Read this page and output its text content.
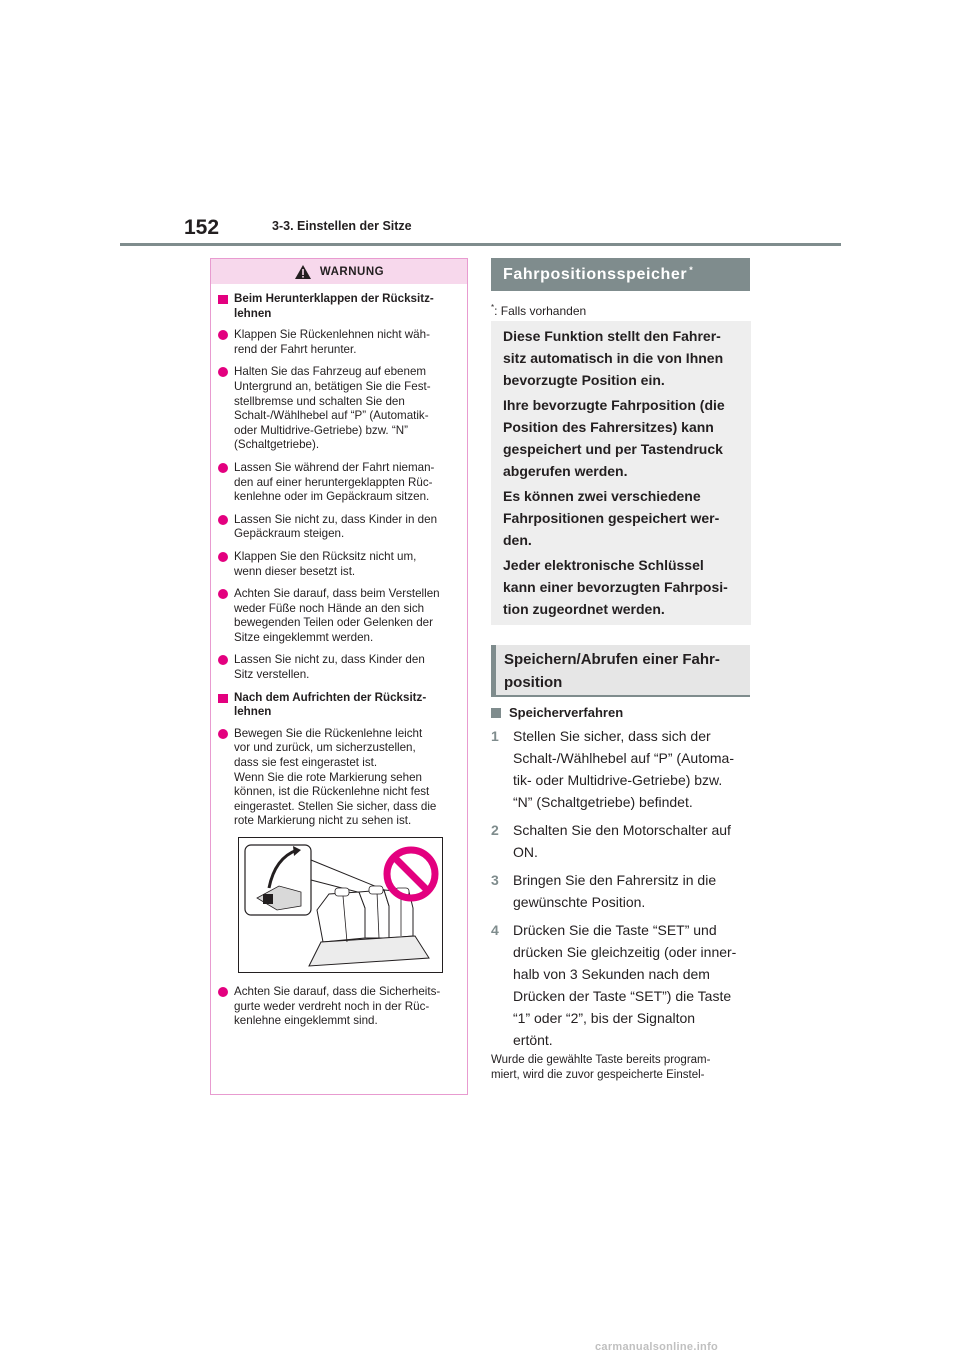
152	3-3. Einstellen der Sitze
WARNUNG
Beim Herunterklappen der Rücksitz-lehnen
Klappen Sie Rückenlehnen nicht wäh-
rend der Fahrt herunter.
Halten Sie das Fahrzeug auf ebenem
Untergrund an, betätigen Sie die Fest-
stellbremse und schalten Sie den
Schalt-/Wählhebel auf “P” (Automatik-
oder Multidrive-Getriebe) bzw. “N”
(Schaltgetriebe).
Lassen Sie während der Fahrt nieman-
den auf einer heruntergeklappten Rüc-
kenlehne oder im Gepäckraum sitzen.
Lassen Sie nicht zu, dass Kinder in den
Gepäckraum steigen.
Klappen Sie den Rücksitz nicht um,
wenn dieser besetzt ist.
Achten Sie darauf, dass beim Verstellen
weder Füße noch Hände an den sich
bewegenden Teilen oder Gelenken der
Sitze eingeklemmt werden.
Lassen Sie nicht zu, dass Kinder den
Sitz verstellen.
Nach dem Aufrichten der Rücksitz-lehnen
Bewegen Sie die Rückenlehne leicht
vor und zurück, um sicherzustellen,
dass sie fest eingerastet ist.
Wenn Sie die rote Markierung sehen
können, ist die Rückenlehne nicht fest
eingerastet. Stellen Sie sicher, dass die
rote Markierung nicht zu sehen ist.
Achten Sie darauf, dass die Sicherheits-
gurte weder verdreht noch in der Rüc-
kenlehne eingeklemmt sind.
Fahrpositionsspeicher*
*: Falls vorhanden

Diese Funktion stellt den Fahrer-
sitz automatisch in die von Ihnen
bevorzugte Position ein.

Ihre bevorzugte Fahrposition (die
Position des Fahrersitzes) kann
gespeichert und per Tastendruck
abgerufen werden.

Es können zwei verschiedene
Fahrpositionen gespeichert wer-
den.

Jeder elektronische Schlüssel
kann einer bevorzugten Fahrposi-
tion zugeordnet werden.

Speichern/Abrufen einer Fahr-
position
Speicherverfahren
1	Stellen Sie sicher, dass sich der
Schalt-/Wählhebel auf “P” (Automa-
tik- oder Multidrive-Getriebe) bzw.
“N” (Schaltgetriebe) befindet.
2	Schalten Sie den Motorschalter auf
ON.
3	Bringen Sie den Fahrersitz in die
gewünschte Position.
4	Drücken Sie die Taste “SET” und
drücken Sie gleichzeitig (oder inner-
halb von 3 Sekunden nach dem
Drücken der Taste “SET”) die Taste
“1” oder “2”, bis der Signalton
ertönt.
Wurde die gewählte Taste bereits program-
miert, wird die zuvor gespeicherte Einstel-
carmanualsonline.info
